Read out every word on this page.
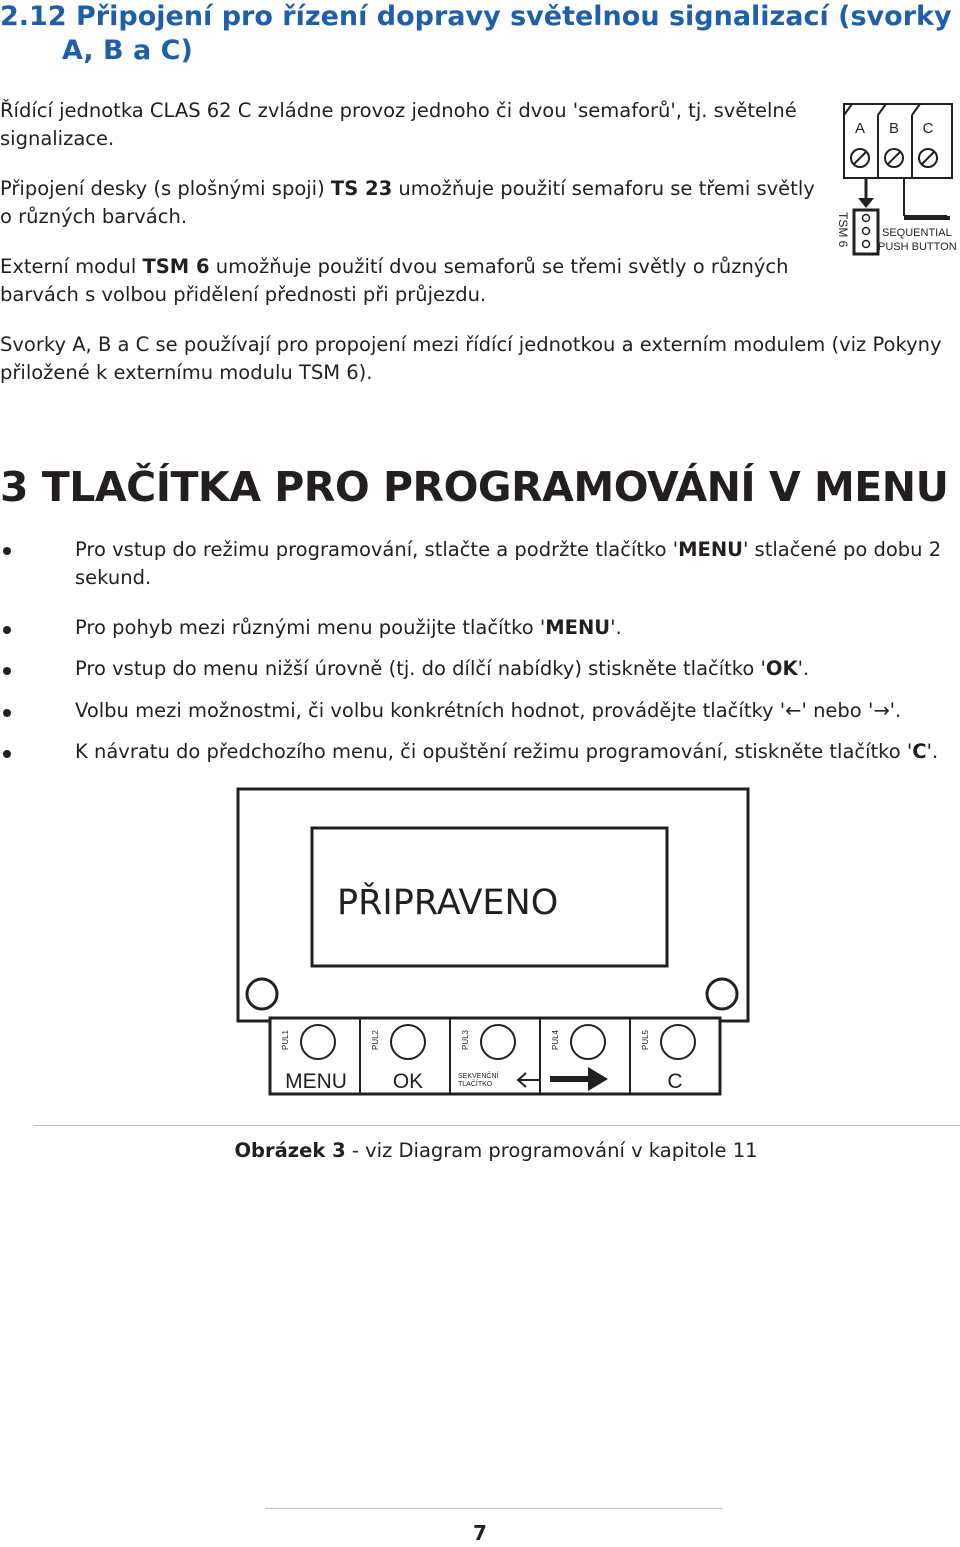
2.12 Připojení pro řízení dopravy světelnou signalizací (svorky
A, B a C)
Řídící jednotka CLAS 62 C zvládne provoz jednoho či dvou 'semaforů', tj. světelné signalizace.
Připojení desky (s plošnými spoji) TS 23 umožňuje použití semaforu se třemi světly o různých barvách.
Externí modul TSM 6 umožňuje použití dvou semaforů se třemi světly o různých barvách s volbou přidělení přednosti při průjezdu.
Svorky A, B a C se používají pro propojení mezi řídící jednotkou a externím modulem (viz Pokyny přiložené k externímu modulu TSM 6).
A B C
TSM 6	SEQUENTIAL
PUSH BUTTON
3 TLAČÍTKA PRO PROGRAMOVÁNÍ V MENU
Pro vstup do režimu programování, stlačte a podržte tlačítko 'MENU' stlačené po dobu 2 sekund.
Pro pohyb mezi různými menu použijte tlačítko 'MENU'.
Pro vstup do menu nižší úrovně (tj. do dílčí nabídky) stiskněte tlačítko 'OK'.
Volbu mezi možnostmi, či volbu konkrétních hodnot, provádějte tlačítky '←' nebo '→'.
K návratu do předchozího menu, či opuštění režimu programování, stiskněte tlačítko 'C'.
PŘIPRAVENO
PUL1
MENU
PUL2
OK
PUL3
SEKVENČNÍ
TLAČÍTKO
PUL4	PUL5
C
Obrázek 3 - viz Diagram programování v kapitole 11
7
